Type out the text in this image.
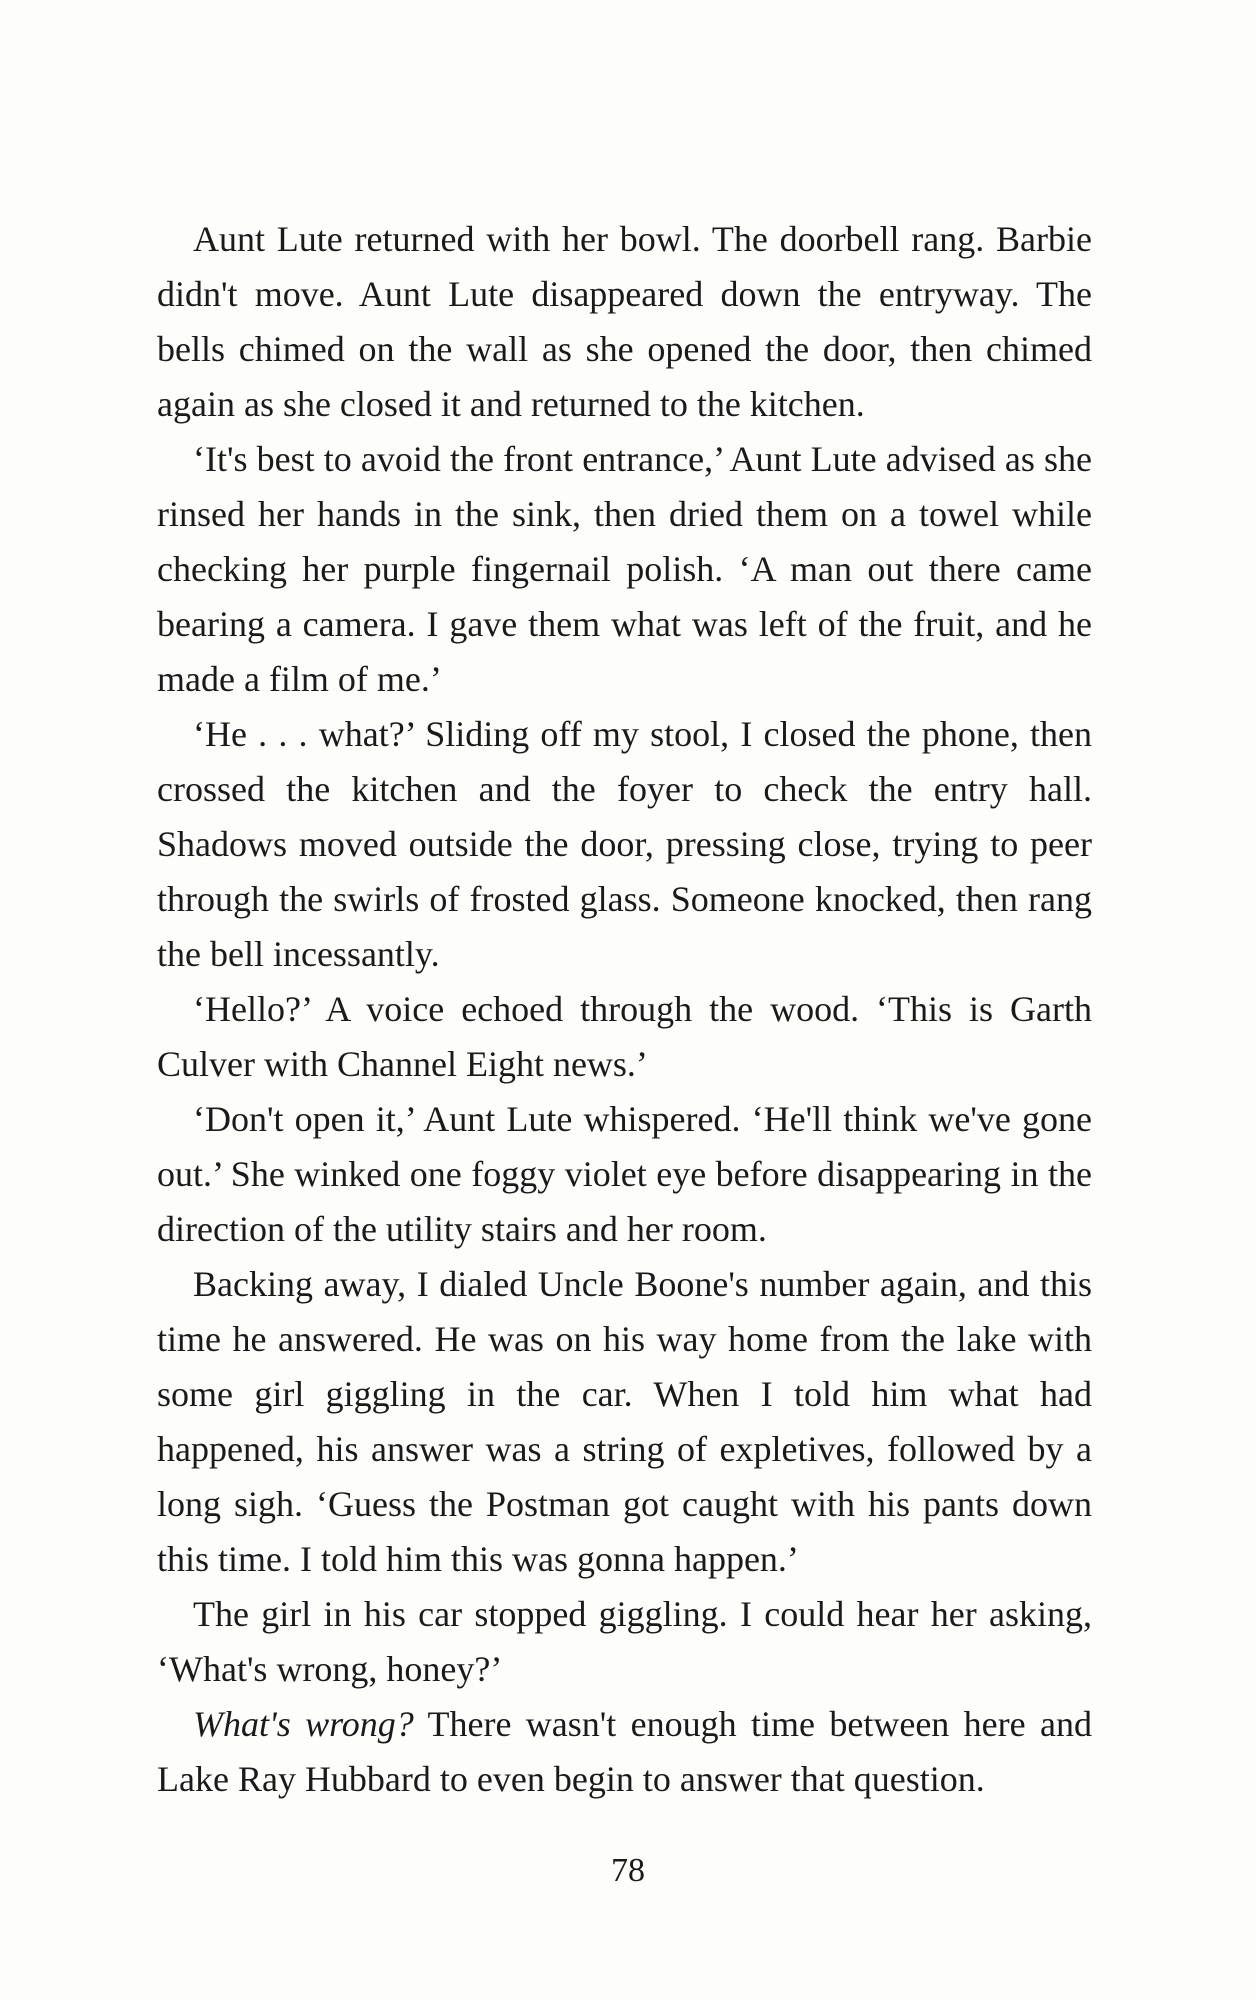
Aunt Lute returned with her bowl. The doorbell rang. Barbie didn't move. Aunt Lute disappeared down the entryway. The bells chimed on the wall as she opened the door, then chimed again as she closed it and returned to the kitchen.

‘It's best to avoid the front entrance,’ Aunt Lute advised as she rinsed her hands in the sink, then dried them on a towel while checking her purple fingernail polish. ‘A man out there came bearing a camera. I gave them what was left of the fruit, and he made a film of me.’

‘He . . . what?’ Sliding off my stool, I closed the phone, then crossed the kitchen and the foyer to check the entry hall. Shadows moved outside the door, pressing close, trying to peer through the swirls of frosted glass. Someone knocked, then rang the bell incessantly.

‘Hello?’ A voice echoed through the wood. ‘This is Garth Culver with Channel Eight news.’

‘Don't open it,’ Aunt Lute whispered. ‘He'll think we've gone out.’ She winked one foggy violet eye before disappearing in the direction of the utility stairs and her room.

Backing away, I dialed Uncle Boone's number again, and this time he answered. He was on his way home from the lake with some girl giggling in the car. When I told him what had happened, his answer was a string of expletives, followed by a long sigh. ‘Guess the Postman got caught with his pants down this time. I told him this was gonna happen.’

The girl in his car stopped giggling. I could hear her asking, ‘What's wrong, honey?’

What's wrong? There wasn't enough time between here and Lake Ray Hubbard to even begin to answer that question.

78
